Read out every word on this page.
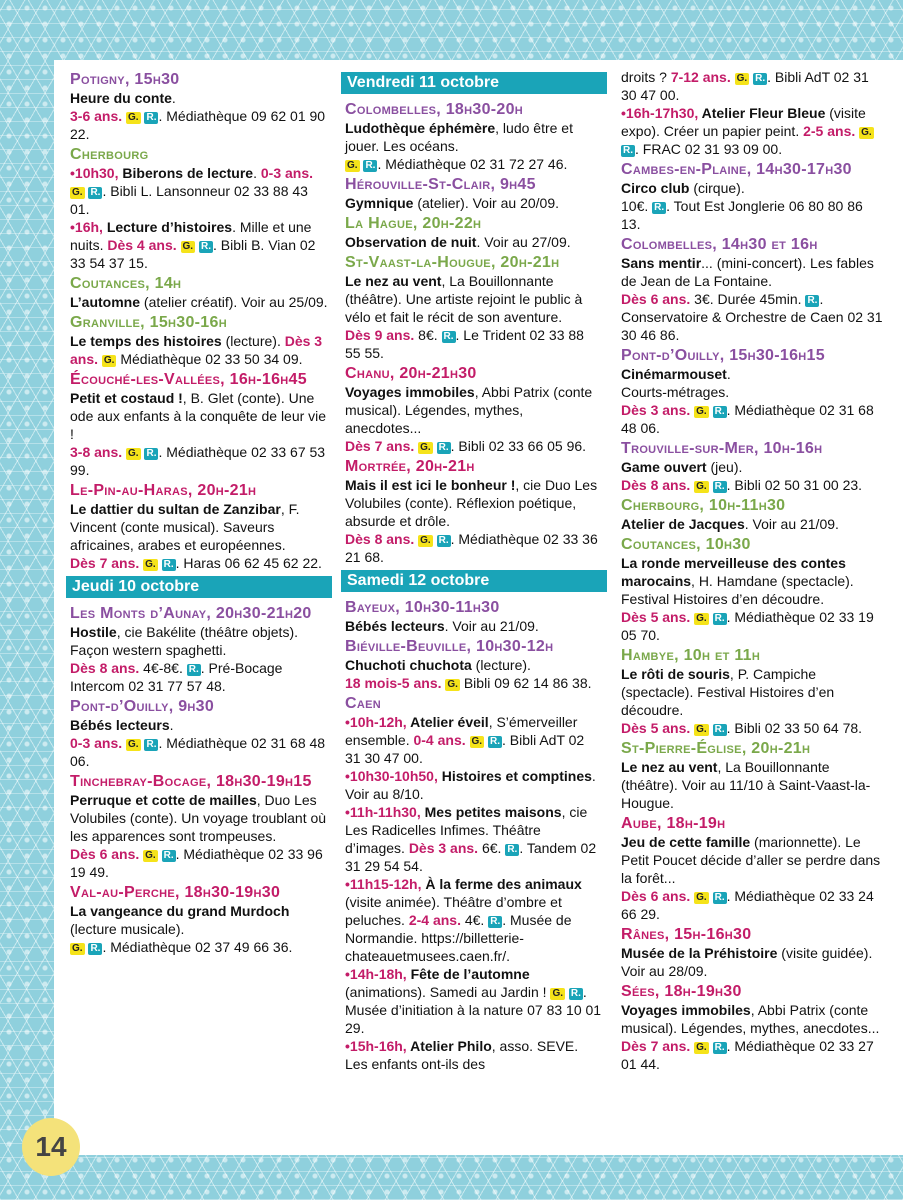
Potigny, 15h30
Heure du conte.
3-6 ans. G. R. . Médiathèque 09 62 01 90 22.
Cherbourg
•10h30, Biberons de lecture. 0-3 ans. G. R. . Bibli L. Lansonneur 02 33 88 43 01.
•16h, Lecture d’histoires. Mille et une nuits. Dès 4 ans. G. R. . Bibli B. Vian 02 33 54 37 15.
Coutances, 14h
L’automne (atelier créatif). Voir au 25/09.
Granville, 15h30-16h
Le temps des histoires (lecture). Dès 3 ans. G. Médiathèque 02 33 50 34 09.
Écouché-les-Vallées, 16h-16h45
Petit et costaud !, B. Glet (conte). Une ode aux enfants à la conquête de leur vie !
3-8 ans. G. R. . Médiathèque 02 33 67 53 99.
Le-Pin-au-Haras, 20h-21h
Le dattier du sultan de Zanzibar, F. Vincent (conte musical). Saveurs africaines, arabes et européennes.
Dès 7 ans. G. R. . Haras 06 62 45 62 22.
Jeudi 10 octobre
Les Monts d’Aunay, 20h30-21h20
Hostile, cie Bakélite (théâtre objets). Façon western spaghetti.
Dès 8 ans. 4€-8€. R. . Pré-Bocage Intercom 02 31 77 57 48.
Pont-d’Ouilly, 9h30
Bébés lecteurs.
0-3 ans. G. R. . Médiathèque 02 31 68 48 06.
Tinchebray-Bocage, 18h30-19h15
Perruque et cotte de mailles, Duo Les Volubiles (conte). Un voyage troublant où les apparences sont trompeuses.
Dès 6 ans. G. R. . Médiathèque 02 33 96 19 49.
Val-au-Perche, 18h30-19h30
La vangeance du grand Murdoch (lecture musicale).
G. R. . Médiathèque 02 37 49 66 36.
Vendredi 11 octobre
Colombelles, 18h30-20h
Ludothèque éphémère, ludo être et jouer. Les océans.
G. R. . Médiathèque 02 31 72 27 46.
Hérouville-St-Clair, 9h45
Gymnique (atelier). Voir au 20/09.
La Hague, 20h-22h
Observation de nuit. Voir au 27/09.
St-Vaast-la-Hougue, 20h-21h
Le nez au vent, La Bouillonnante (théâtre). Une artiste rejoint le public à vélo et fait le récit de son aventure.
Dès 9 ans. 8€. R. . Le Trident 02 33 88 55 55.
Chanu, 20h-21h30
Voyages immobiles, Abbi Patrix (conte musical). Légendes, mythes, anecdotes...
Dès 7 ans. G. R. . Bibli 02 33 66 05 96.
Mortrée, 20h-21h
Mais il est ici le bonheur !, cie Duo Les Volubiles (conte). Réflexion poétique, absurde et drôle.
Dès 8 ans. G. R. . Médiathèque 02 33 36 21 68.
Samedi 12 octobre
Bayeux, 10h30-11h30
Bébés lecteurs. Voir au 21/09.
Biéville-Beuville, 10h30-12h
Chuchoti chuchota (lecture).
18 mois-5 ans. G. Bibli 09 62 14 86 38.
Caen
•10h-12h, Atelier éveil, S’émerveiller ensemble. 0-4 ans. G. R. . Bibli AdT 02 31 30 47 00.
•10h30-10h50, Histoires et comptines. Voir au 8/10.
•11h-11h30, Mes petites maisons, cie Les Radicelles Infimes. Théâtre d’images. Dès 3 ans. 6€. R. . Tandem 02 31 29 54 54.
•11h15-12h, À la ferme des animaux (visite animée). Théâtre d’ombre et peluches. 2-4 ans. 4€. R. . Musée de Normandie. https://billetterie-chateauetmusees.caen.fr/.
•14h-18h, Fête de l’automne (animations). Samedi au Jardin ! G. R. . Musée d’initiation à la nature 07 83 10 01 29.
•15h-16h, Atelier Philo, asso. SEVE. Les enfants ont-ils des
droits ? 7-12 ans. G. R. . Bibli AdT 02 31 30 47 00.
•16h-17h30, Atelier Fleur Bleue (visite expo). Créer un papier peint. 2-5 ans. G. R. . FRAC 02 31 93 09 00.
Cambes-en-Plaine, 14h30-17h30
Circo club (cirque).
10€. R. . Tout Est Jonglerie 06 80 80 86 13.
Colombelles, 14h30 et 16h
Sans mentir... (mini-concert). Les fables de Jean de La Fontaine.
Dès 6 ans. 3€. Durée 45min. R. . Conservatoire & Orchestre de Caen 02 31 30 46 86.
Pont-d’Ouilly, 15h30-16h15
Cinémarmouset.
Courts-métrages.
Dès 3 ans. G. R. . Médiathèque 02 31 68 48 06.
Trouville-sur-Mer, 10h-16h
Game ouvert (jeu).
Dès 8 ans. G. R. . Bibli 02 50 31 00 23.
Cherbourg, 10h-11h30
Atelier de Jacques. Voir au 21/09.
Coutances, 10h30
La ronde merveilleuse des contes marocains, H. Hamdane (spectacle). Festival Histoires d’en découdre.
Dès 5 ans. G. R. . Médiathèque 02 33 19 05 70.
Hambye, 10h et 11h
Le rôti de souris, P. Campiche (spectacle). Festival Histoires d’en découdre.
Dès 5 ans. G. R. . Bibli 02 33 50 64 78.
St-Pierre-Église, 20h-21h
Le nez au vent, La Bouillonnante (théâtre). Voir au 11/10 à Saint-Vaast-la-Hougue.
Aube, 18h-19h
Jeu de cette famille (marionnette). Le Petit Poucet décide d’aller se perdre dans la forêt...
Dès 6 ans. G. R. . Médiathèque 02 33 24 66 29.
Rânes, 15h-16h30
Musée de la Préhistoire (visite guidée). Voir au 28/09.
Sées, 18h-19h30
Voyages immobiles, Abbi Patrix (conte musical). Légendes, mythes, anecdotes...
Dès 7 ans. G. R. . Médiathèque 02 33 27 01 44.
14
